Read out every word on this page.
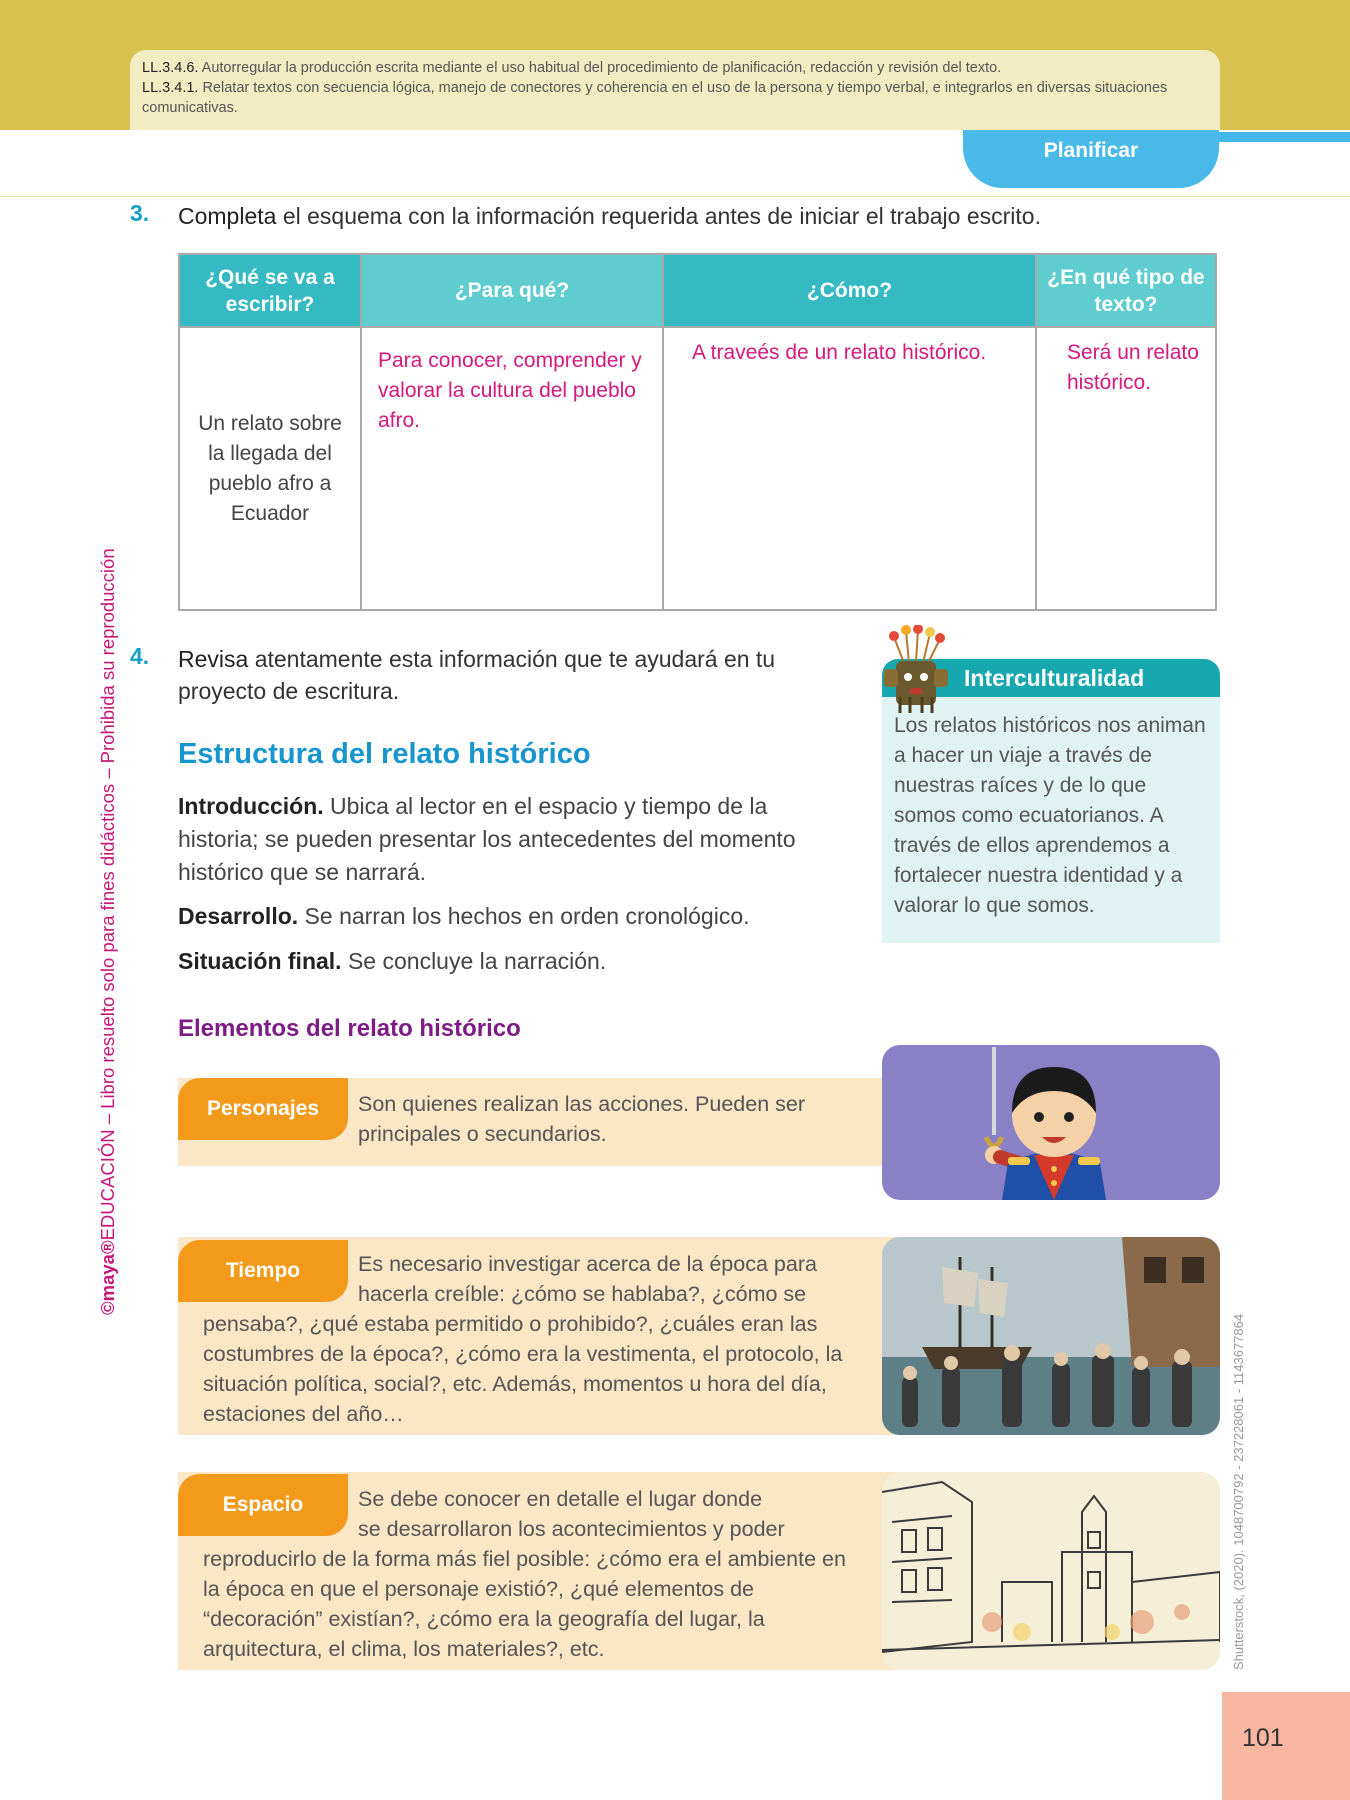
LL.3.4.6. Autorregular la producción escrita mediante el uso habitual del procedimiento de planificación, redacción y revisión del texto.
LL.3.4.1. Relatar textos con secuencia lógica, manejo de conectores y coherencia en el uso de la persona y tiempo verbal, e integrarlos en diversas situaciones comunicativas.
Planificar
©maya®EDUCACIÓN – Libro resuelto solo para fines didácticos – Prohibida su reproducción
Shutterstock, (2020). 1048700792 - 237228061 - 1143677864
3. Completa el esquema con la información requerida antes de iniciar el trabajo escrito.
¿Qué se va a escribir?	¿Para qué?	¿Cómo?	¿En qué tipo de texto?
Un relato sobre la llegada del pueblo afro a Ecuador	Para conocer, comprender y valorar la cultura del pueblo afro.	A traveés de un relato histórico.	Será un relato histórico.
4. Revisa atentamente esta información que te ayudará en tu proyecto de escritura.
Estructura del relato histórico
Introducción. Ubica al lector en el espacio y tiempo de la historia; se pueden presentar los antecedentes del momento histórico que se narrará.
Desarrollo. Se narran los hechos en orden cronológico.
Situación final. Se concluye la narración.
Interculturalidad
Los relatos históricos nos animan a hacer un viaje a través de nuestras raíces y de lo que somos como ecuatorianos. A través de ellos aprendemos a fortalecer nuestra identidad y a valorar lo que somos.
Elementos del relato histórico
Personajes	Son quienes realizan las acciones. Pueden ser principales o secundarios.
Tiempo	Es necesario investigar acerca de la época para
hacerla creíble: ¿cómo se hablaba?, ¿cómo se
pensaba?, ¿qué estaba permitido o prohibido?, ¿cuáles eran las costumbres de la época?, ¿cómo era la vestimenta, el protocolo, la situación política, social?, etc. Además, momentos u hora del día, estaciones del año…
Espacio	Se debe conocer en detalle el lugar donde
se desarrollaron los acontecimientos y poder
reproducirlo de la forma más fiel posible: ¿cómo era el ambiente en la época en que el personaje existió?, ¿qué elementos de “decoración” existían?, ¿cómo era la geografía del lugar, la arquitectura, el clima, los materiales?, etc.
101
